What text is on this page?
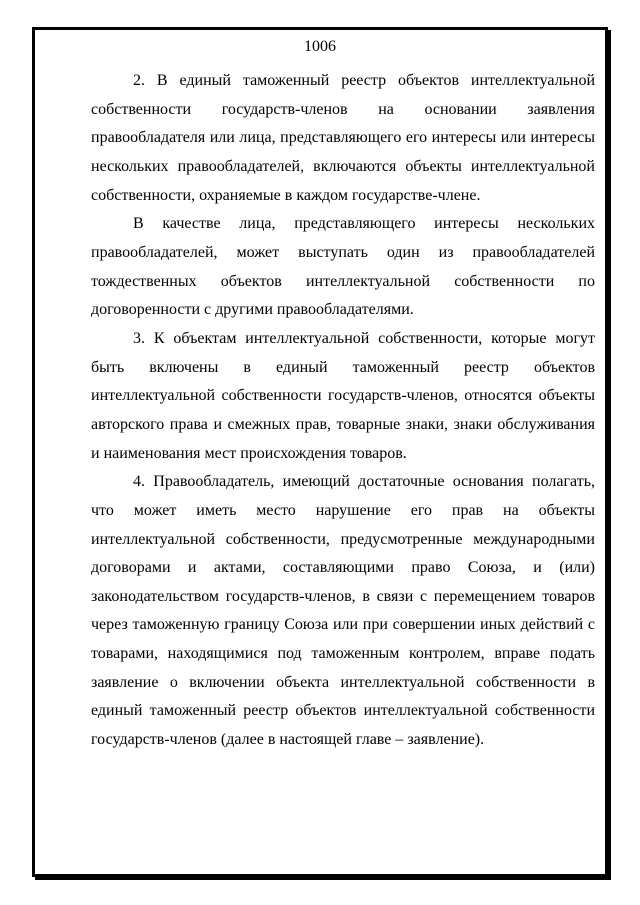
1006

2. В единый таможенный реестр объектов интеллектуальной собственности государств-членов на основании заявления правообладателя или лица, представляющего его интересы или интересы нескольких правообладателей, включаются объекты интеллектуальной собственности, охраняемые в каждом государстве-члене.

В качестве лица, представляющего интересы нескольких правообладателей, может выступать один из правообладателей тождественных объектов интеллектуальной собственности по договоренности с другими правообладателями.

3. К объектам интеллектуальной собственности, которые могут быть включены в единый таможенный реестр объектов интеллектуальной собственности государств-членов, относятся объекты авторского права и смежных прав, товарные знаки, знаки обслуживания и наименования мест происхождения товаров.

4. Правообладатель, имеющий достаточные основания полагать, что может иметь место нарушение его прав на объекты интеллектуальной собственности, предусмотренные международными договорами и актами, составляющими право Союза, и (или) законодательством государств-членов, в связи с перемещением товаров через таможенную границу Союза или при совершении иных действий с товарами, находящимися под таможенным контролем, вправе подать заявление о включении объекта интеллектуальной собственности в единый таможенный реестр объектов интеллектуальной собственности государств-членов (далее в настоящей главе – заявление).
